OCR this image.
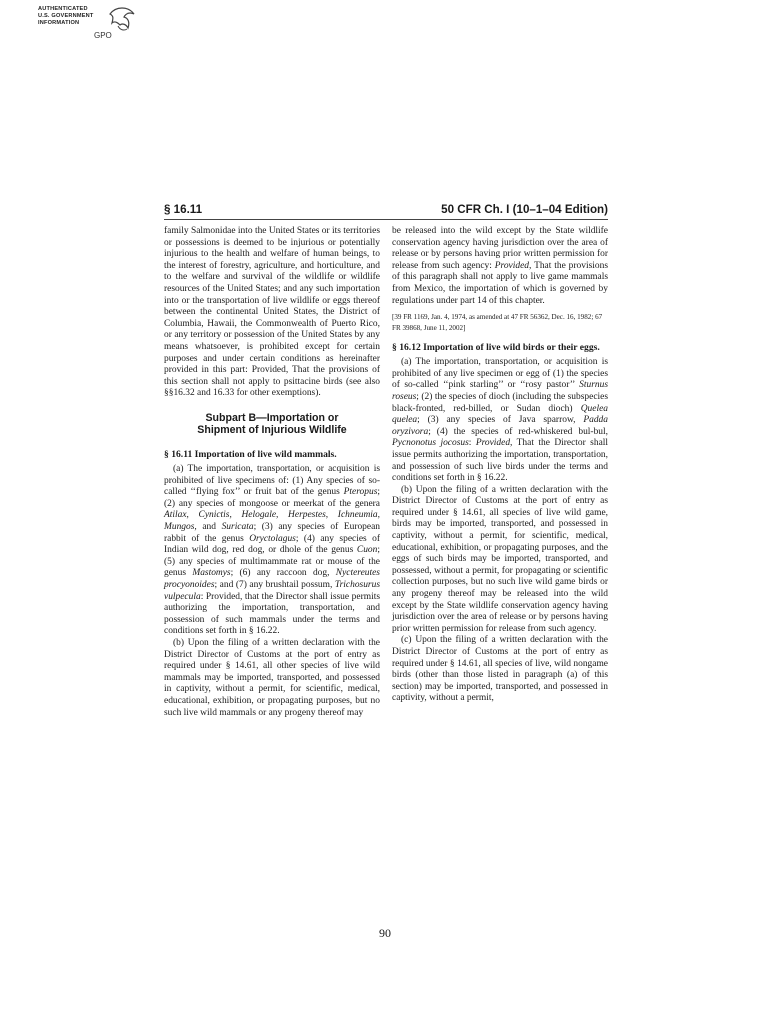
AUTHENTICATED
U.S. GOVERNMENT
INFORMATION
GPO
§ 16.11	50 CFR Ch. I (10–1–04 Edition)

family Salmonidae into the United States or its territories or possessions is deemed to be injurious or potentially injurious to the health and welfare of human beings, to the interest of forestry, agriculture, and horticulture, and to the welfare and survival of the wildlife or wildlife resources of the United States; and any such importation into or the transportation of live wildlife or eggs thereof between the continental United States, the District of Columbia, Hawaii, the Commonwealth of Puerto Rico, or any territory or possession of the United States by any means whatsoever, is prohibited except for certain purposes and under certain conditions as hereinafter provided in this part: Provided, That the provisions of this section shall not apply to psittacine birds (see also §§16.32 and 16.33 for other exemptions).

Subpart B—Importation or
Shipment of Injurious Wildlife
§ 16.11 Importation of live wild mammals.

(a) The importation, transportation, or acquisition is prohibited of live specimens of: (1) Any species of so-called ‘‘flying fox’’ or fruit bat of the genus Pteropus; (2) any species of mongoose or meerkat of the genera Atilax, Cynictis, Helogale, Herpestes, Ichneumia, Mungos, and Suricata; (3) any species of European rabbit of the genus Oryctolagus; (4) any species of Indian wild dog, red dog, or dhole of the genus Cuon; (5) any species of multimammate rat or mouse of the genus Mastomys; (6) any raccoon dog, Nyctereutes procyonoides; and (7) any brushtail possum, Trichosurus vulpecula: Provided, that the Director shall issue permits authorizing the importation, transportation, and possession of such mammals under the terms and conditions set forth in § 16.22.

(b) Upon the filing of a written declaration with the District Director of Customs at the port of entry as required under § 14.61, all other species of live wild mammals may be imported, transported, and possessed in captivity, without a permit, for scientific, medical, educational, exhibition, or propagating purposes, but no such live wild mammals or any progeny thereof may

be released into the wild except by the State wildlife conservation agency having jurisdiction over the area of release or by persons having prior written permission for release from such agency: Provided, That the provisions of this paragraph shall not apply to live game mammals from Mexico, the importation of which is governed by regulations under part 14 of this chapter.

[39 FR 1169, Jan. 4, 1974, as amended at 47 FR 56362, Dec. 16, 1982; 67 FR 39868, June 11, 2002]
§ 16.12 Importation of live wild birds or their eggs.

(a) The importation, transportation, or acquisition is prohibited of any live specimen or egg of (1) the species of so-called ‘‘pink starling’’ or ‘‘rosy pastor’’ Sturnus roseus; (2) the species of dioch (including the subspecies black-fronted, red-billed, or Sudan dioch) Quelea quelea; (3) any species of Java sparrow, Padda oryzivora; (4) the species of red-whiskered bul-bul, Pycnonotus jocosus: Provided, That the Director shall issue permits authorizing the importation, transportation, and possession of such live birds under the terms and conditions set forth in § 16.22.

(b) Upon the filing of a written declaration with the District Director of Customs at the port of entry as required under § 14.61, all species of live wild game, birds may be imported, transported, and possessed in captivity, without a permit, for scientific, medical, educational, exhibition, or propagating purposes, and the eggs of such birds may be imported, transported, and possessed, without a permit, for propagating or scientific collection purposes, but no such live wild game birds or any progeny thereof may be released into the wild except by the State wildlife conservation agency having jurisdiction over the area of release or by persons having prior written permission for release from such agency.

(c) Upon the filing of a written declaration with the District Director of Customs at the port of entry as required under § 14.61, all species of live, wild nongame birds (other than those listed in paragraph (a) of this section) may be imported, transported, and possessed in captivity, without a permit,

90
